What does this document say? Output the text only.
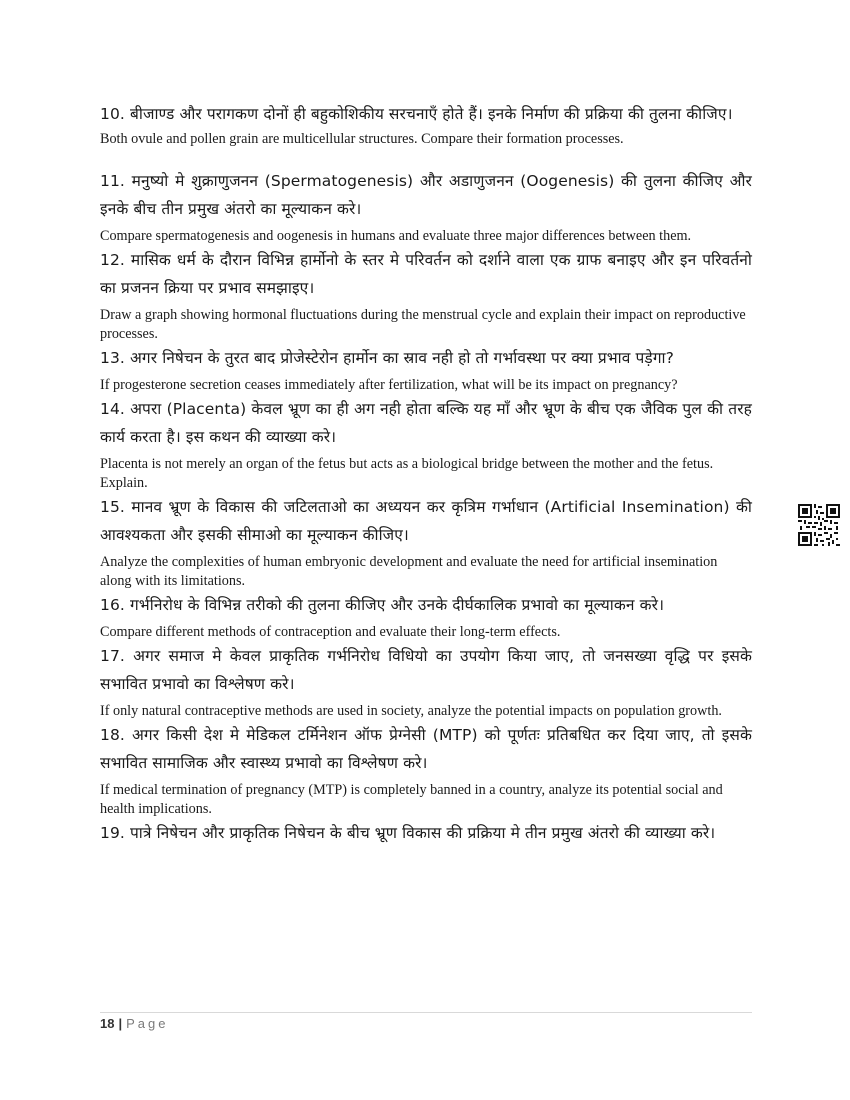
10. बीजाण्ड और परागकण दोनों ही बहुकोशिकीय सरचनाएँ होते हैं। इनके निर्माण की प्रक्रिया की तुलना कीजिए।

Both ovule and pollen grain are multicellular structures. Compare their formation processes.

11. मनुष्यो मे शुक्राणुजनन (Spermatogenesis) और अडाणुजनन (Oogenesis) की तुलना कीजिए और इनके बीच तीन प्रमुख अंतरो का मूल्याकन करे।

Compare spermatogenesis and oogenesis in humans and evaluate three major differences between them.

12. मासिक धर्म के दौरान विभिन्न हार्मोनो के स्तर मे परिवर्तन को दर्शाने वाला एक ग्राफ बनाइए और इन परिवर्तनो का प्रजनन क्रिया पर प्रभाव समझाइए।

Draw a graph showing hormonal fluctuations during the menstrual cycle and explain their impact on reproductive processes.

13. अगर निषेचन के तुरत बाद प्रोजेस्टेरोन हार्मोन का स्राव नही हो तो गर्भावस्था पर क्या प्रभाव पड़ेगा?

If progesterone secretion ceases immediately after fertilization, what will be its impact on pregnancy?

14. अपरा (Placenta) केवल भ्रूण का ही अग नही होता बल्कि यह माँ और भ्रूण के बीच एक जैविक पुल की तरह कार्य करता है। इस कथन की व्याख्या करे।

Placenta is not merely an organ of the fetus but acts as a biological bridge between the mother and the fetus. Explain.

15. मानव भ्रूण के विकास की जटिलताओ का अध्ययन कर कृत्रिम गर्भाधान (Artificial Insemination) की आवश्यकता और इसकी सीमाओ का मूल्याकन कीजिए।

Analyze the complexities of human embryonic development and evaluate the need for artificial insemination along with its limitations.

16. गर्भनिरोध के विभिन्न तरीको की तुलना कीजिए और उनके दीर्घकालिक प्रभावो का मूल्याकन करे।

Compare different methods of contraception and evaluate their long-term effects.

17. अगर समाज मे केवल प्राकृतिक गर्भनिरोध विधियो का उपयोग किया जाए, तो जनसख्या वृद्धि पर इसके सभावित प्रभावो का विश्लेषण करे।

If only natural contraceptive methods are used in society, analyze the potential impacts on population growth.

18. अगर किसी देश मे मेडिकल टर्मिनेशन ऑफ प्रेग्नेसी (MTP) को पूर्णतः प्रतिबधित कर दिया जाए, तो इसके सभावित सामाजिक और स्वास्थ्य प्रभावो का विश्लेषण करे।

If medical termination of pregnancy (MTP) is completely banned in a country, analyze its potential social and health implications.

19. पात्रे निषेचन और प्राकृतिक निषेचन के बीच भ्रूण विकास की प्रक्रिया मे तीन प्रमुख अंतरो की व्याख्या करे।

18 | Page
